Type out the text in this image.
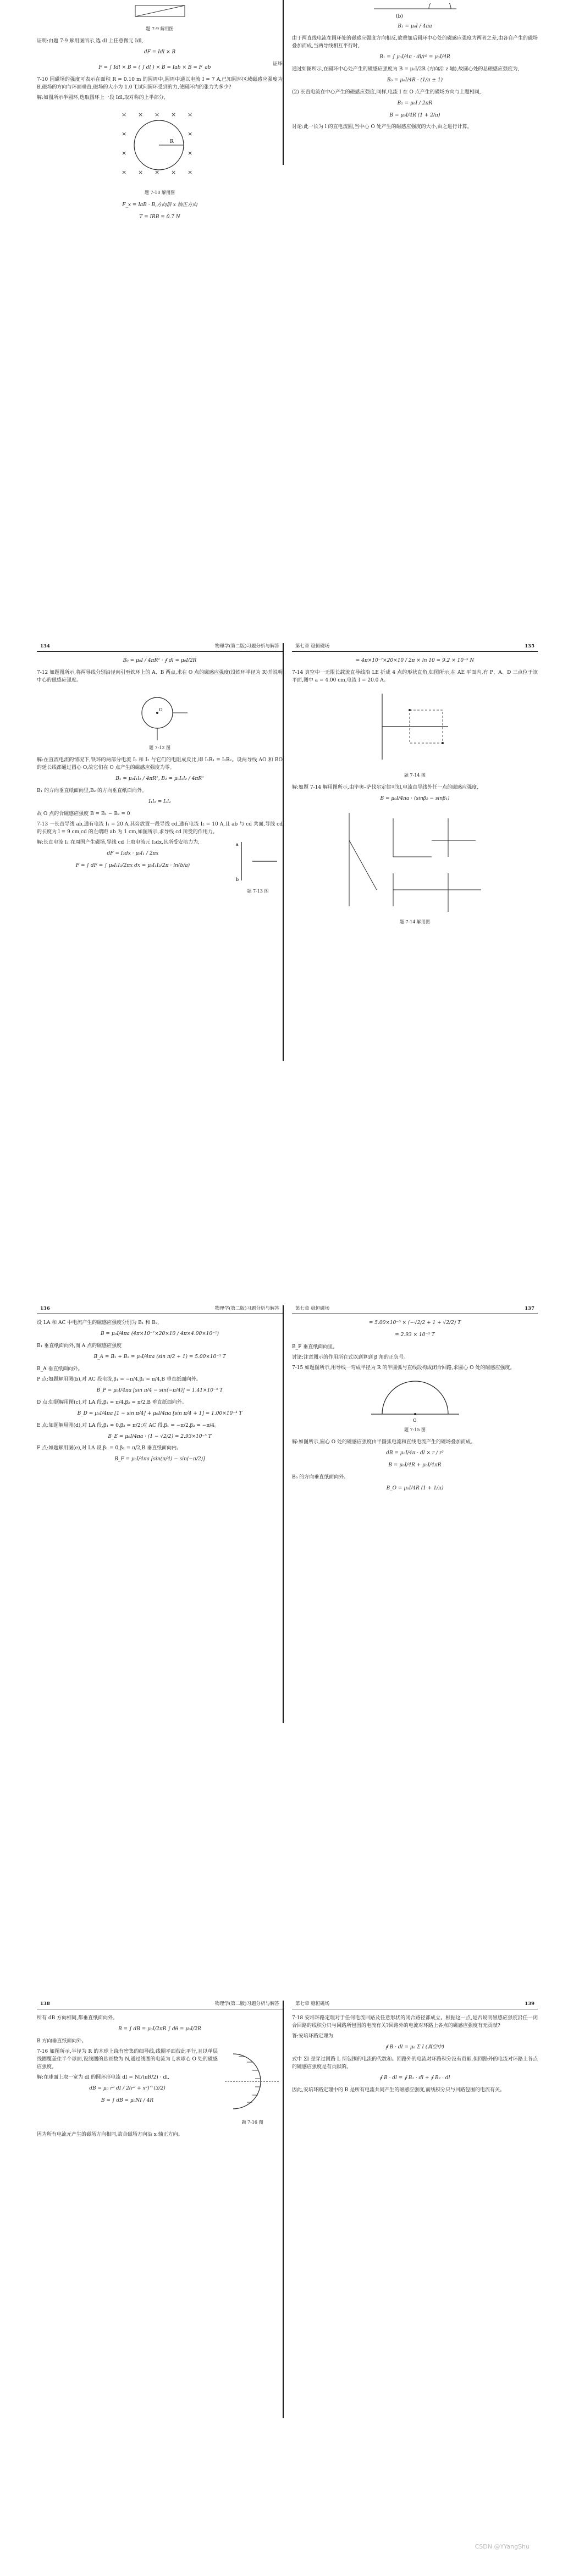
题 7-9 解用图

证明:由题 7-9 解用图所示,选 dl 上任意微元 Idl,

dF = Idl × B
F = ∫ Idl × B = ( ∫ dl ) × B = Iab × B = F_ab
证毕

7-10 因磁场的强度可表示在面积 R = 0.10 m 的圆周中,圆周中通以电流 I = 7 A,已知圆环区域磁感应强度为 B,磁场的方向与环面垂直,磁场的大小为 1.0 T,试问圆环受到的力,使圆环内的张力为多少?

解:如图所示半圆环,选取圆环上一段 Idl,取对称的上半部分,

× × × × ×
×	×
×	×
× × × × ×
R
题 7-10 解用图
F_x = IaB · B,方向沿 x 轴正方向
T = IRB = 0.7 N
(b)
B₁ = μ₀I / 4πa

由于两直线电流在圆环处的磁感应强度方向相反,故叠加后圆环中心处的磁感应强度为两者之差,由各自产生的磁场叠加而成,当两导线相互平行时,

B₁ = ∫ μ₀I/4π · dl/r² = μ₀I/4R

通过如图所示,在圆环中心处产生的磁感应强度为 B = μ₀I/2R (方向沿 z 轴),故圆心处的总磁感应强度为,

B₀ = μ₀I/4R · (1/π ± 1)

(2) 长直电流在中心产生的磁感应强度,同样,电流 I 在 O 点产生的磁场方向与上题相同,

B₂ = μ₀I / 2πR
B = μ₀I/4R (1 + 2/π)

讨论:此一长为 l 的直电流圆,当中心 O 处产生的磁感应强度的大小,由之进行计算。

134	物理学(第二版)习题分析与解答
B₀ = μ₀I / 4πR² · ∮ dl = μ₀I/2R

7-12 如题图所示,将两导线分别沿径向引至铁环上的 A、B 两点,求在 O 点的磁感应强度(设铁环半径为 R)并说明中心的磁感应强度。

O
题 7-12 图

解:在直流电流的情况下,铁环的两部分电流 I₁ 和 I₂ 与它们的电阻成反比,即 I₁R₁ = I₂R₂。设两导线 AO 和 BO 的延长线都通过圆心 O,故它们在 O 点产生的磁感应强度为零。

B₁ = μ₀I₁l₁ / 4πR², B₂ = μ₀I₂l₂ / 4πR²

B₁ 的方向垂直纸面向里,B₂ 的方向垂直纸面向外。

I₁l₁ = I₂l₂

故 O 点的合磁感应强度 B = B₁ − B₂ = 0

7-13 一长直导线 ab,通有电流 I₁ = 20 A,其旁放置一段导线 cd,通有电流 I₂ = 10 A,且 ab 与 cd 共面,导线 cd 的长度为 l = 9 cm,cd 的左端距 ab 为 1 cm,如图所示,求导线 cd 所受的作用力。

解:长直电流 I₁ 在周围产生磁场,导线 cd 上取电流元 I₂dx,其所受安培力为,

dF = I₂dx · μ₀I₁ / 2πx
F = ∫ dF = ∫ μ₀I₁I₂/2πx dx = μ₀I₁I₂/2π · ln(b/a)
a
b
题 7-13 图
第七章 稳恒磁场	135
= 4π×10⁻⁷×20×10 / 2π × ln 10 = 9.2 × 10⁻⁵ N

7-14 真空中一无限长载流直导线沿 LE 折成 4 点的形状直角,如图所示,在 AE 平面内,有 P、A、D 三点位于该平面,图中 a = 4.00 cm,电流 I = 20.0 A。

题 7-14 图

解:如题 7-14 解用图所示,由毕奥–萨伐尔定律可知,电流直导线外任一点的磁感应强度,

B = μ₀I/4πa · (sinβ₂ − sinβ₁)
题 7-14 解用图
136	物理学(第二版)习题分析与解答

设 LA 和 AC 中电流产生的磁感应强度分别为 B₁ 和 B₂,

B = μ₀I/4πa (4π×10⁻⁷×20×10 / 4π×4.00×10⁻²)

B₁ 垂直纸面向外,而 A 点的磁感应强度

B_A = B₁ + B₂ = μ₀I/4πa (sin π/2 + 1) = 5.00×10⁻⁵ T

B_A 垂直纸面向外。

P 点:如题解用图(b),对 AC 段电流,β₁ = −π/4,β₂ = π/4,B 垂直纸面向外。

B_P = μ₀I/4πa [sin π/4 − sin(−π/4)] = 1.41×10⁻⁴ T

D 点:如题解用图(c),对 LA 段,β₁ = π/4,β₂ = π/2,B 垂直纸面向外。

B_D = μ₀I/4πa [1 − sin π/4] + μ₀I/4πa [sin π/4 + 1] = 1.00×10⁻⁴ T

E 点:如题解用图(d),对 LA 段,β₁ = 0,β₂ = π/2;对 AC 段,β₁ = −π/2,β₂ = −π/4。

B_E = μ₀I/4πa · (1 − √2/2) = 2.93×10⁻⁵ T

F 点:如题解用图(e),对 LA 段,β₁ = 0,β₂ = π/2,B 垂直纸面向内。

B_F = μ₀I/4πa [sin(π/4) − sin(−π/2)]
第七章 稳恒磁场	137
= 5.00×10⁻⁵ × (−√2/2 + 1 + √2/2) T
= 2.93 × 10⁻⁵ T

B_F 垂直纸面向里。

讨论:注意图示的作用所在式以到算到 β 角的正负号。

7-15 如题图所示,用导线一弯成半径为 R 的半圆弧与直线段构成闭合回路,求圆心 O 处的磁感应强度。

O
题 7-15 图

解:如图所示,圆心 O 处的磁感应强度由半圆弧电流和直线电流产生的磁场叠加而成。

dB = μ₀I/4π · dl × r / r³
B = μ₀I/4R + μ₀I/4πR

B₀ 的方向垂直纸面向外。

B_O = μ₀I/4R (1 + 1/π)
138	物理学(第二版)习题分析与解答

所有 dB 方向相同,都垂直纸面向外。

B = ∫ dB = μ₀I/2πR ∫ dθ = μ₀I/2R

B 方向垂直纸面向外。

7-16 如图所示,半径为 R 的木球上绕有密集的细导线,线圈平面彼此平行,且以单层线圈覆盖住半个球面,设线圈的总匝数为 N,通过线圈的电流为 I,求球心 O 处的磁感应强度。

解:在球面上取一宽为 dl 的圆环形电流 dI = NI/(πR/2) · dl,

dB = μ₀ r² dI / 2(r² + x²)^(3/2)
B = ∫ dB = μ₀NI / 4R
题 7-16 图

因为所有电流元产生的磁场方向相同,故合磁场方向沿 x 轴正方向。

第七章 稳恒磁场	139

7-18 安培环路定理对于任何电流回路及任意形状的闭合路径都成立。根据这一点,是否说明磁感应强度沿任一闭合回路的线积分只与回路所包围的电流有关?回路外的电流对环路上各点的磁感应强度有无贡献?

答:安培环路定理为

∮ B · dl = μ₀ Σ I (真空中)

式中 ΣI 是穿过回路 L 所包围的电流的代数和。回路外的电流对环路积分没有贡献,但回路外的电流对环路上各点的磁感应强度是有贡献的。

∮ B · dl = ∮ B₁ · dl + ∮ B₂ · dl

因此,安培环路定理中的 B 是所有电流共同产生的磁感应强度,而线积分只与回路包围的电流有关。

CSDN @YYangShu
